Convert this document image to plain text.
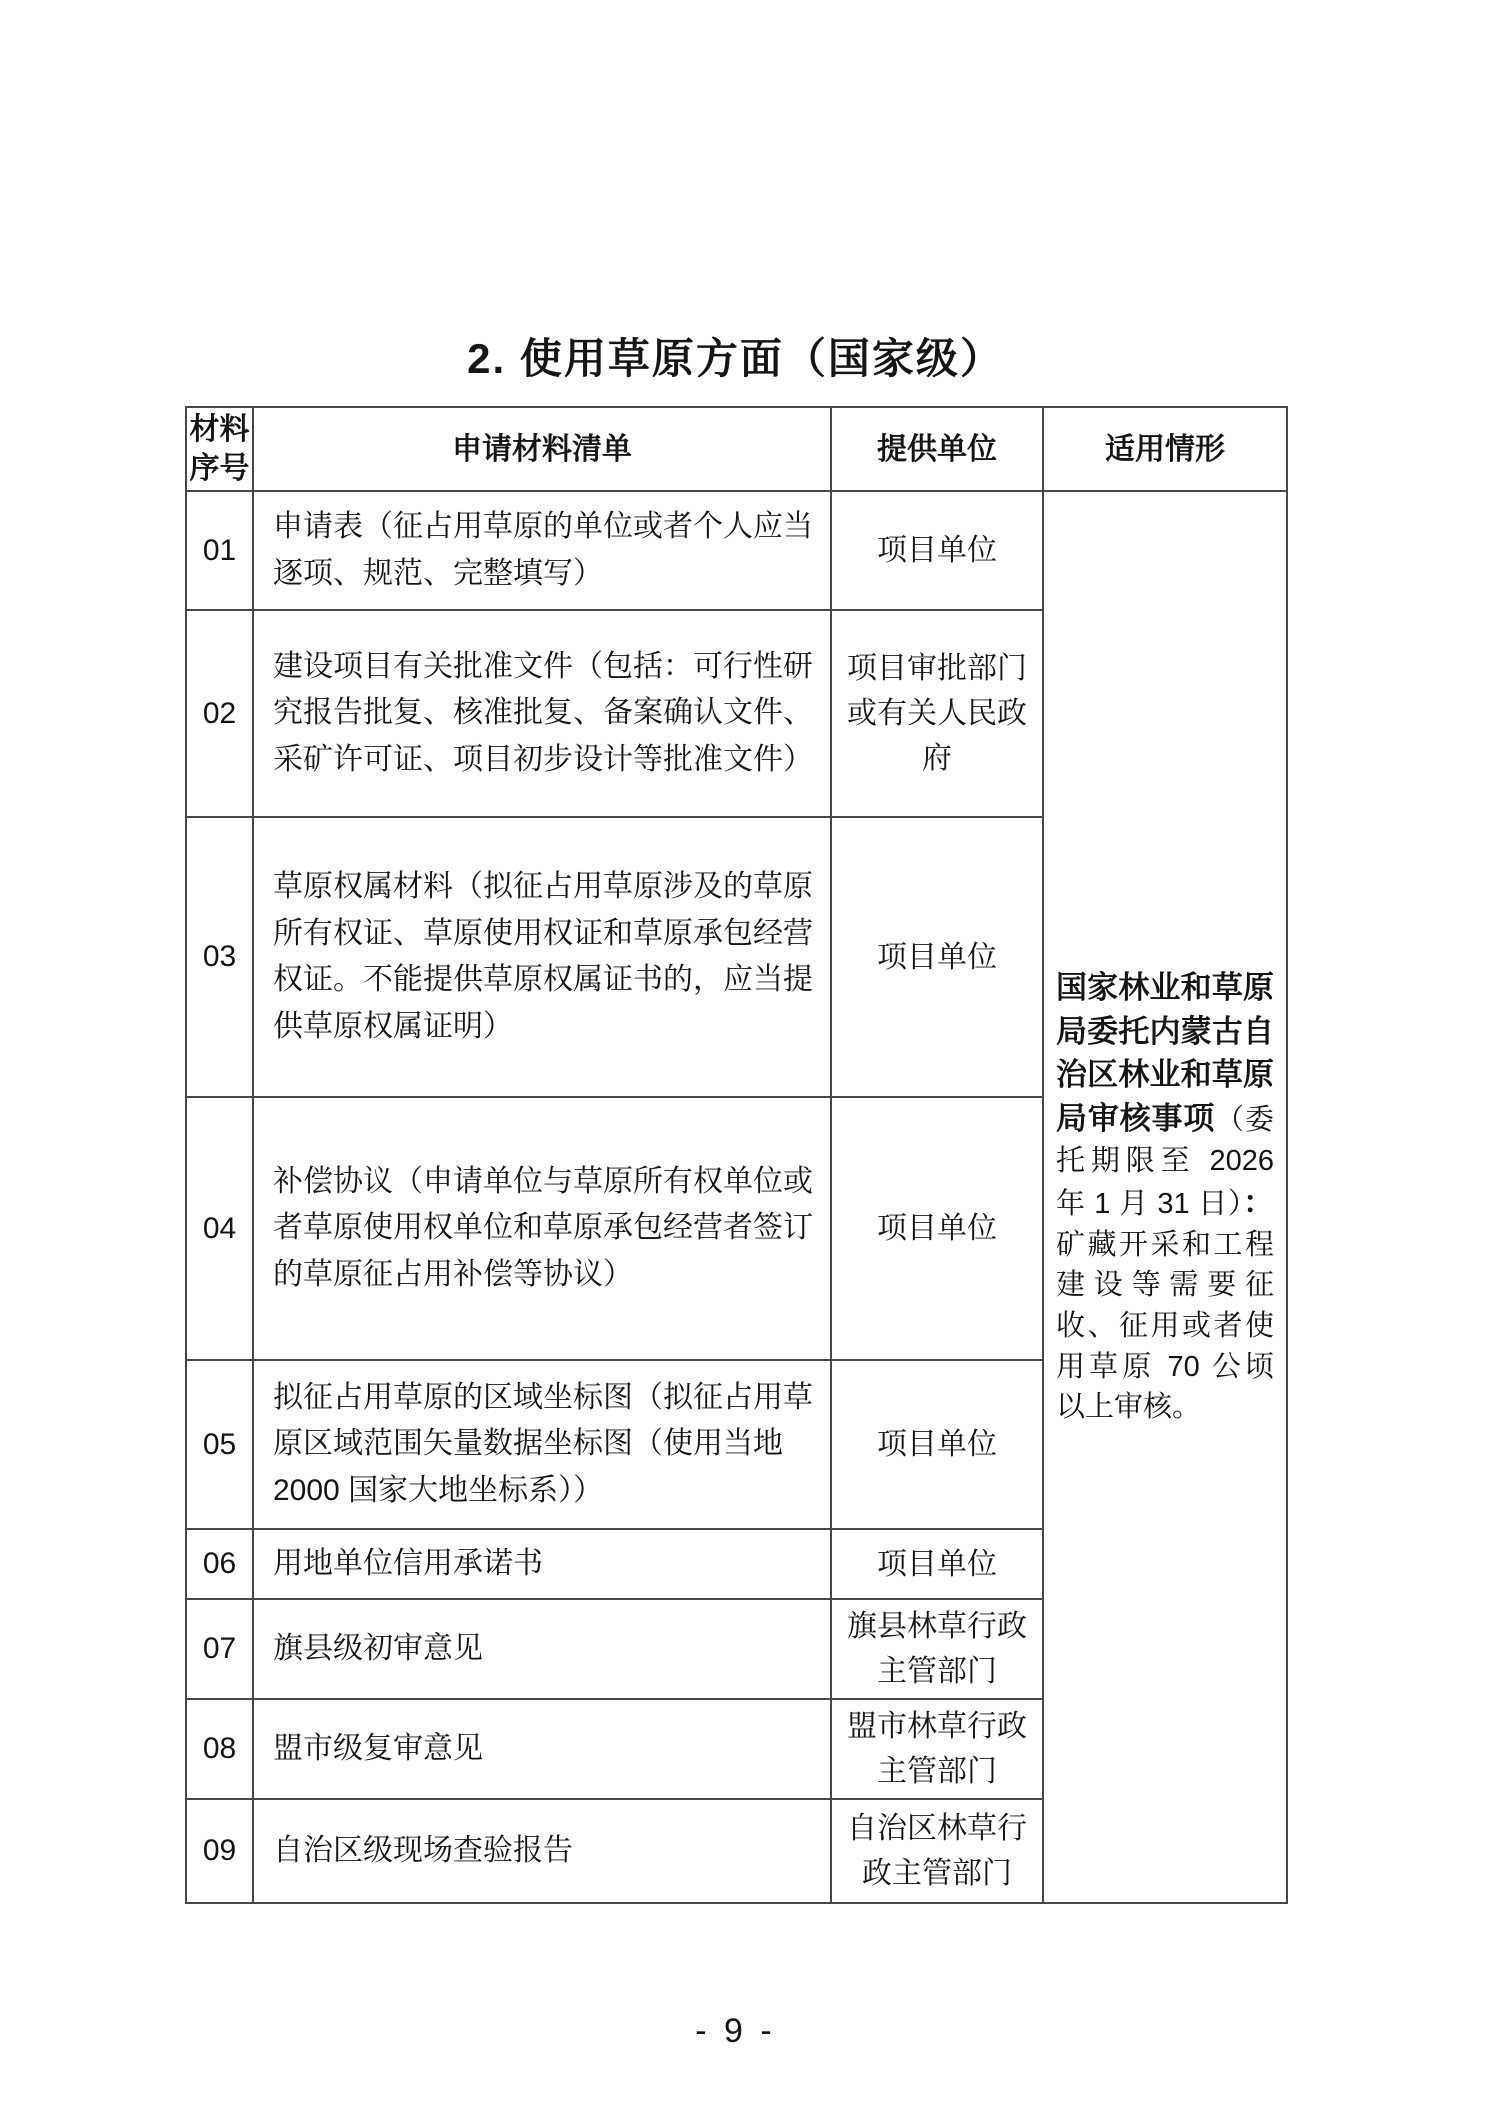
2. 使用草原方面（国家级）
材料序号	申请材料清单	提供单位	适用情形
01	申请表（征占用草原的单位或者个人应当逐项、规范、完整填写）	项目单位	国家林业和草原局委托内蒙古自治区林业和草原局审核事项（委托期限至 2026 年 1 月 31 日）：矿藏开采和工程建设等需要征收、征用或者使用草原 70 公顷以上审核。
02	建设项目有关批准文件（包括：可行性研究报告批复、核准批复、备案确认文件、采矿许可证、项目初步设计等批准文件）	项目审批部门或有关人民政府	
03	草原权属材料（拟征占用草原涉及的草原所有权证、草原使用权证和草原承包经营权证。不能提供草原权属证书的，应当提供草原权属证明）	项目单位	
04	补偿协议（申请单位与草原所有权单位或者草原使用权单位和草原承包经营者签订的草原征占用补偿等协议）	项目单位	
05	拟征占用草原的区域坐标图（拟征占用草原区域范围矢量数据坐标图（使用当地 2000 国家大地坐标系））	项目单位	
06	用地单位信用承诺书	项目单位	
07	旗县级初审意见	旗县林草行政主管部门	
08	盟市级复审意见	盟市林草行政主管部门	
09	自治区级现场查验报告	自治区林草行政主管部门	
- 9 -
